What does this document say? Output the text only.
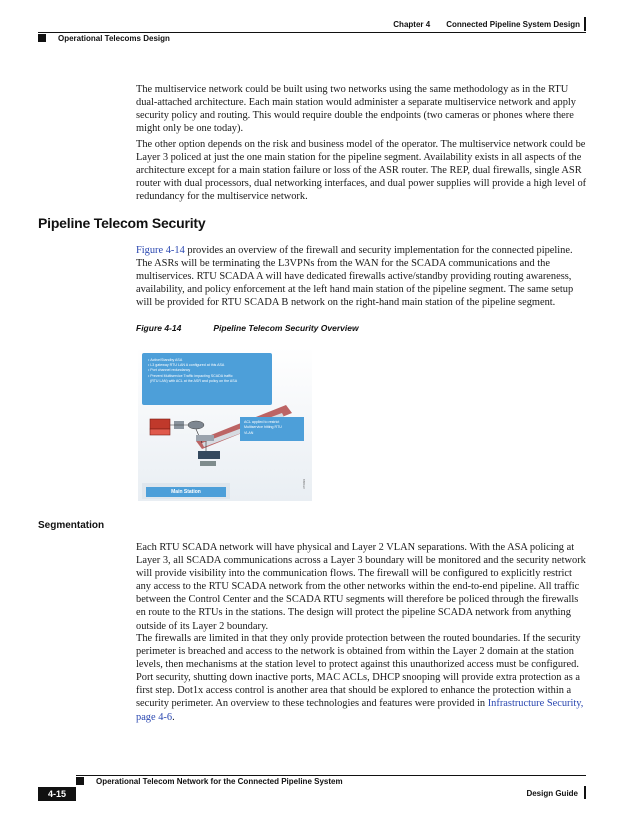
Chapter 4 Connected Pipeline System Design
Operational Telecoms Design

The multiservice network could be built using two networks using the same methodology as in the RTU dual-attached architecture. Each main station would administer a separate multiservice network and apply security policy and routing. This would require double the endpoints (two cameras or phones where there might only be one today).

The other option depends on the risk and business model of the operator. The multiservice network could be Layer 3 policed at just the one main station for the pipeline segment. Availability exists in all aspects of the architecture except for a main station failure or loss of the ASR router. The REP, dual firewalls, single ASR router with dual processors, dual networking interfaces, and dual power supplies will provide a high level of redundancy for the multiservice network.

Pipeline Telecom Security

Figure 4-14 provides an overview of the firewall and security implementation for the connected pipeline. The ASRs will be terminating the L3VPNs from the WAN for the SCADA communications and the multiservices. RTU SCADA A will have dedicated firewalls active/standby providing routing awareness, availability, and policy enforcement at the left hand main station of the pipeline segment. The same setup will be provided for RTU SCADA B network on the right-hand main station of the pipeline segment.

Figure 4-14	Pipeline Telecom Security Overview
• Active/Standby ASA
• L3 gateway RTU LAN A configured at this ASA
• Port channel redundancy
• Prevent Multiservice Traffic impacting SCADA traffic
(RTU LAN) with ACL at the ASR and policy on the ASA
ACL applied to restrict
Multiservice hitting RTU
VLAN
Main Station
376999
Segmentation

Each RTU SCADA network will have physical and Layer 2 VLAN separations. With the ASA policing at Layer 3, all SCADA communications across a Layer 3 boundary will be monitored and the security network will provide visibility into the communication flows. The firewall will be configured to explicitly restrict any access to the RTU SCADA network from the other networks within the end-to-end pipeline. All traffic between the Control Center and the SCADA RTU segments will therefore be policed through the firewalls en route to the RTUs in the stations. The design will protect the pipeline SCADA network from anything outside of its Layer 2 boundary.

The firewalls are limited in that they only provide protection between the routed boundaries. If the security perimeter is breached and access to the network is obtained from within the Layer 2 domain at the station levels, then mechanisms at the station level to protect against this unauthorized access must be configured. Port security, shutting down inactive ports, MAC ACLs, DHCP snooping will provide extra protection as a first step. Dot1x access control is another area that should be explored to enhance the protection within a security perimeter. An overview to these technologies and features were provided in Infrastructure Security, page 4-6.

Operational Telecom Network for the Connected Pipeline System
4-15	Design Guide
